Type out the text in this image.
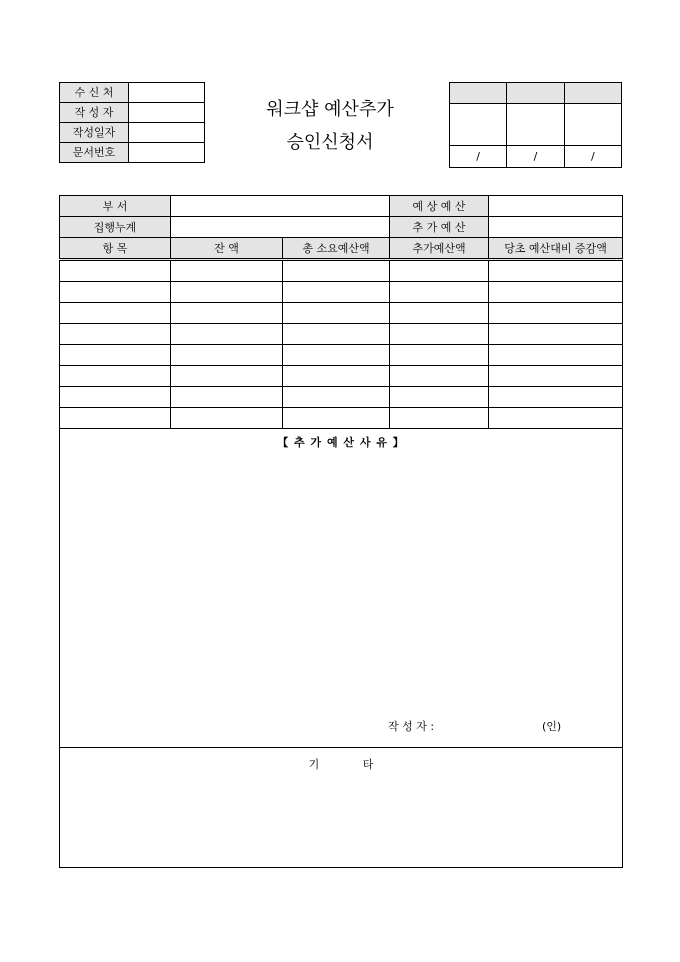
수 신 처	
작 성 자	
작성일자	
문서번호	
워크샵 예산추가
승인신청서

/	/	/
부 서			예 상 예 산	
집행누계			추 가 예 산	
항 목	잔 액	총 소요예산액	추가예산액	당초 예산대비 증감액

【 추 가 예 산 사 유 】
작 성 자 : (인)				

기 타				
